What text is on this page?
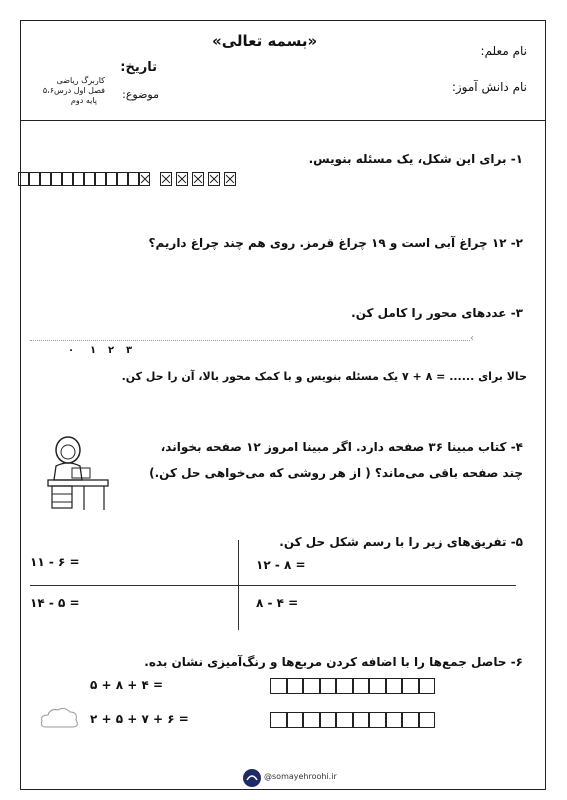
«بسمه تعالی»
نام معلم:
نام دانش آموز:
تاریخ:
موضوع:
کاربرگ ریاضی
فصل اول درس۵،۶
پایه دوم
۱- برای این شکل، یک مسئله بنویس.
۲- ۱۲ چراغ آبی است و ۱۹ چراغ قرمز. روی هم چند چراغ داریم؟
۳- عددهای محور را کامل کن.
‹
۰ ۱ ۲ ۳
حالا برای ...... = ۸ + ۷ یک مسئله بنویس و با کمک محور بالا، آن را حل کن.
۴- کتاب مبینا ۳۶ صفحه دارد. اگر مبینا امروز ۱۲ صفحه بخواند،
چند صفحه باقی می‌ماند؟ ( از هر روشی که می‌خواهی حل کن.)
۵- تفریق‌های زیر را با رسم شکل حل کن.
۱۲ - ۸ =
۱۱ - ۶ =
۸ - ۴ =
۱۴ - ۵ =
۶- حاصل جمع‌ها را با اضافه کردن مربع‌ها و رنگ‌آمیزی نشان بده.
۵ + ۸ + ۴ =
۲ + ۵ + ۷ + ۶ =
@somayehroohi.ir
